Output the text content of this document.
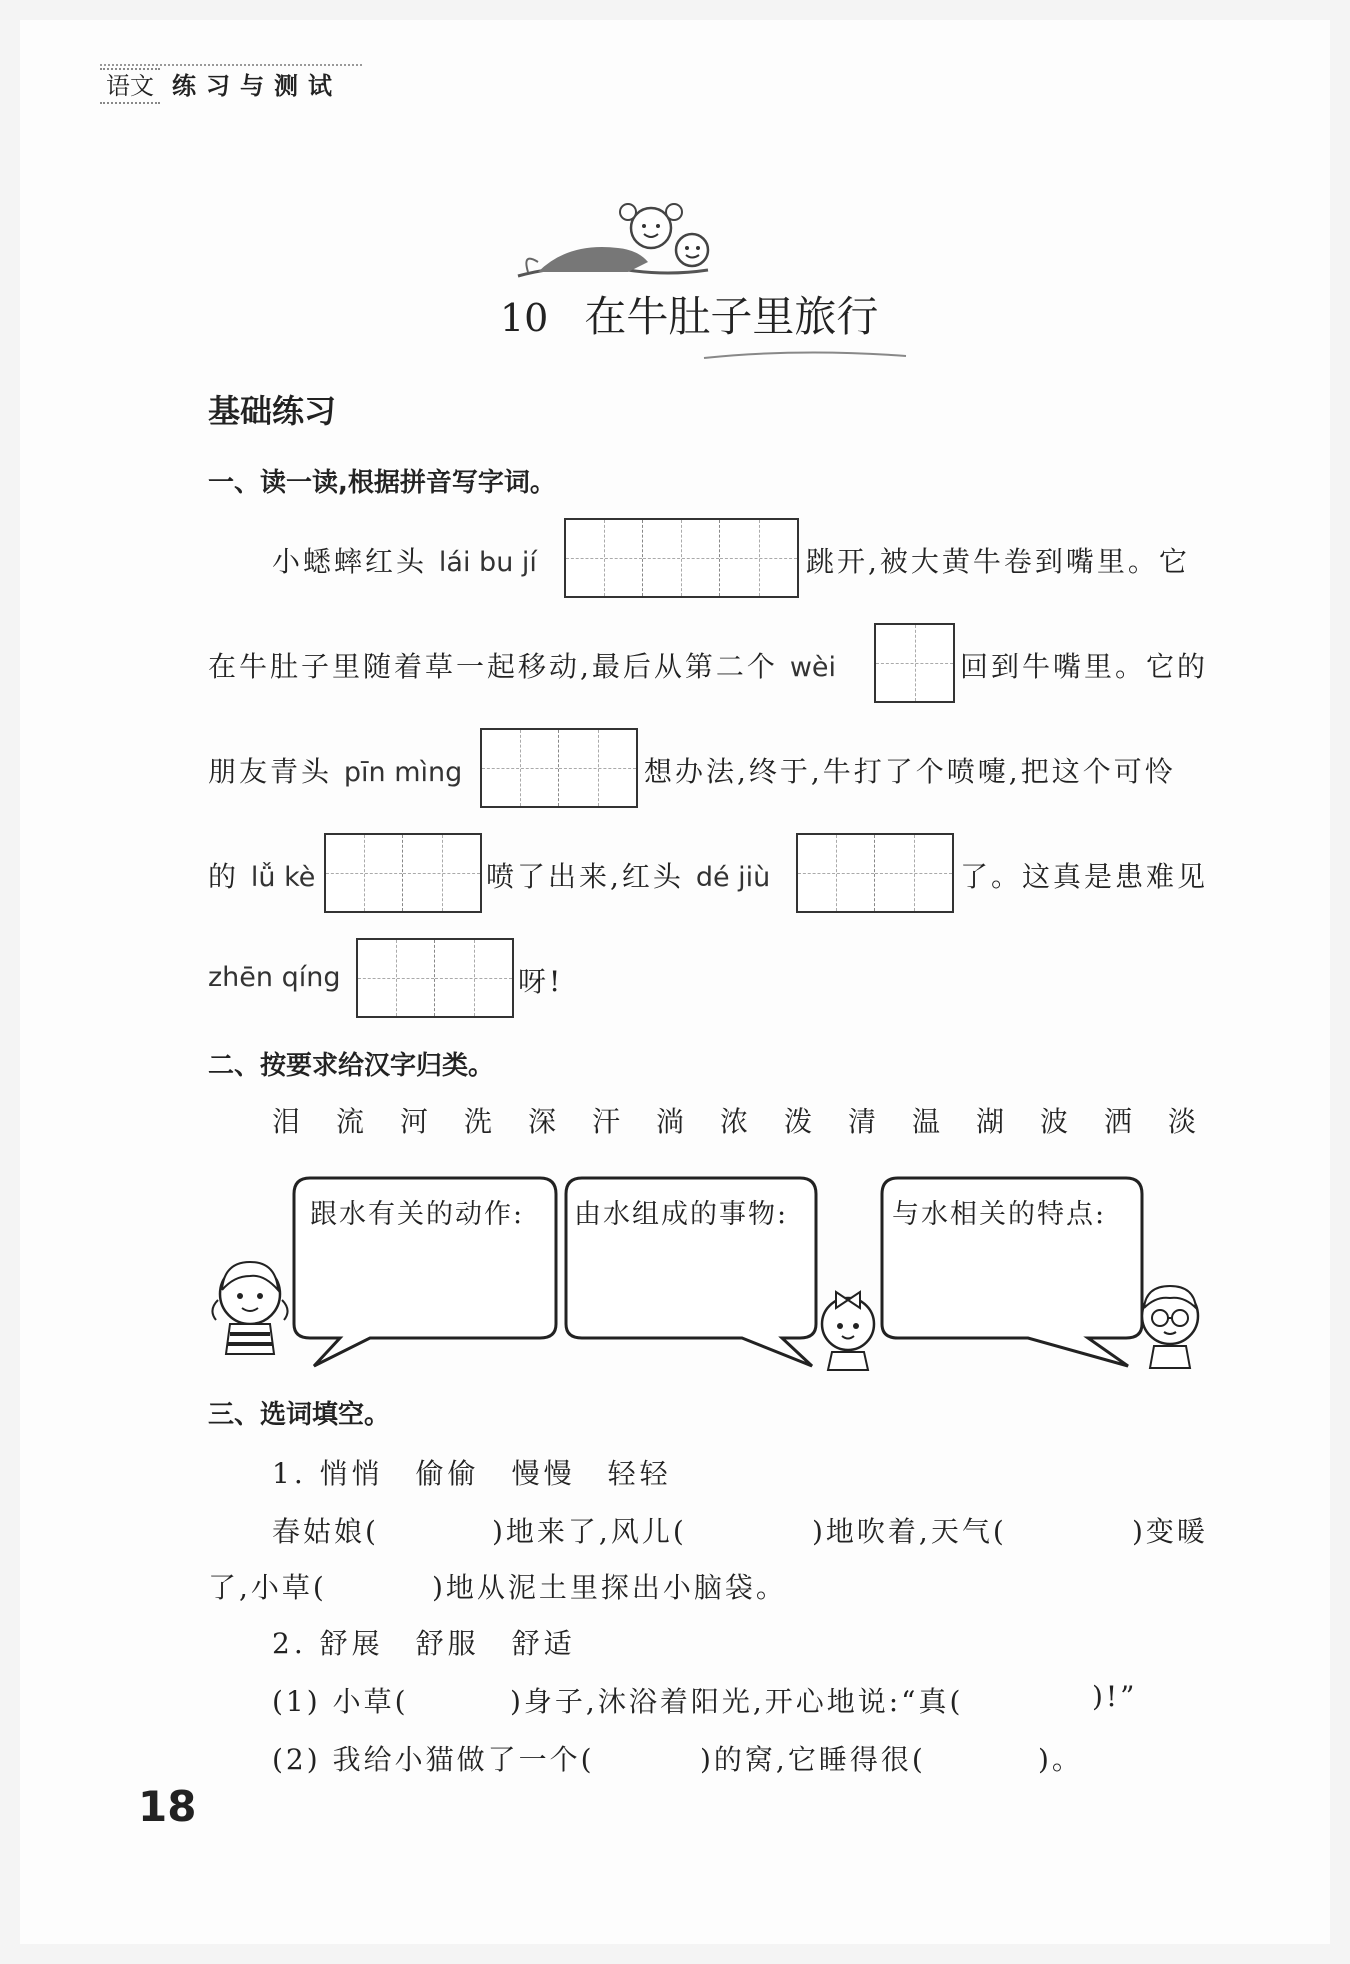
语文 练习与测试
10 在牛肚子里旅行
基础练习
一、读一读,根据拼音写字词。
小蟋蟀红头 lái bu jí	跳开,被大黄牛卷到嘴里。它
在牛肚子里随着草一起移动,最后从第二个 wèi	回到牛嘴里。它的
朋友青头 pīn mìng	想办法,终于,牛打了个喷嚏,把这个可怜
的 lǚ kè	喷了出来,红头 dé jiù	了。这真是患难见
zhēn qíng	呀!
二、按要求给汉字归类。
泪流河洗深汗淌浓泼清温湖波洒淡
跟水有关的动作: 由水组成的事物:	与水相关的特点:
三、选词填空。
1. 悄悄　偷偷　慢慢　轻轻
春姑娘(	)地来了,风儿(	)地吹着,天气(	)变暖
了,小草(	)地从泥土里探出小脑袋。
2. 舒展　舒服　舒适
(1) 小草(	)身子,沐浴着阳光,开心地说:“真(	)!”
(2) 我给小猫做了一个(	)的窝,它睡得很(	)。
18
